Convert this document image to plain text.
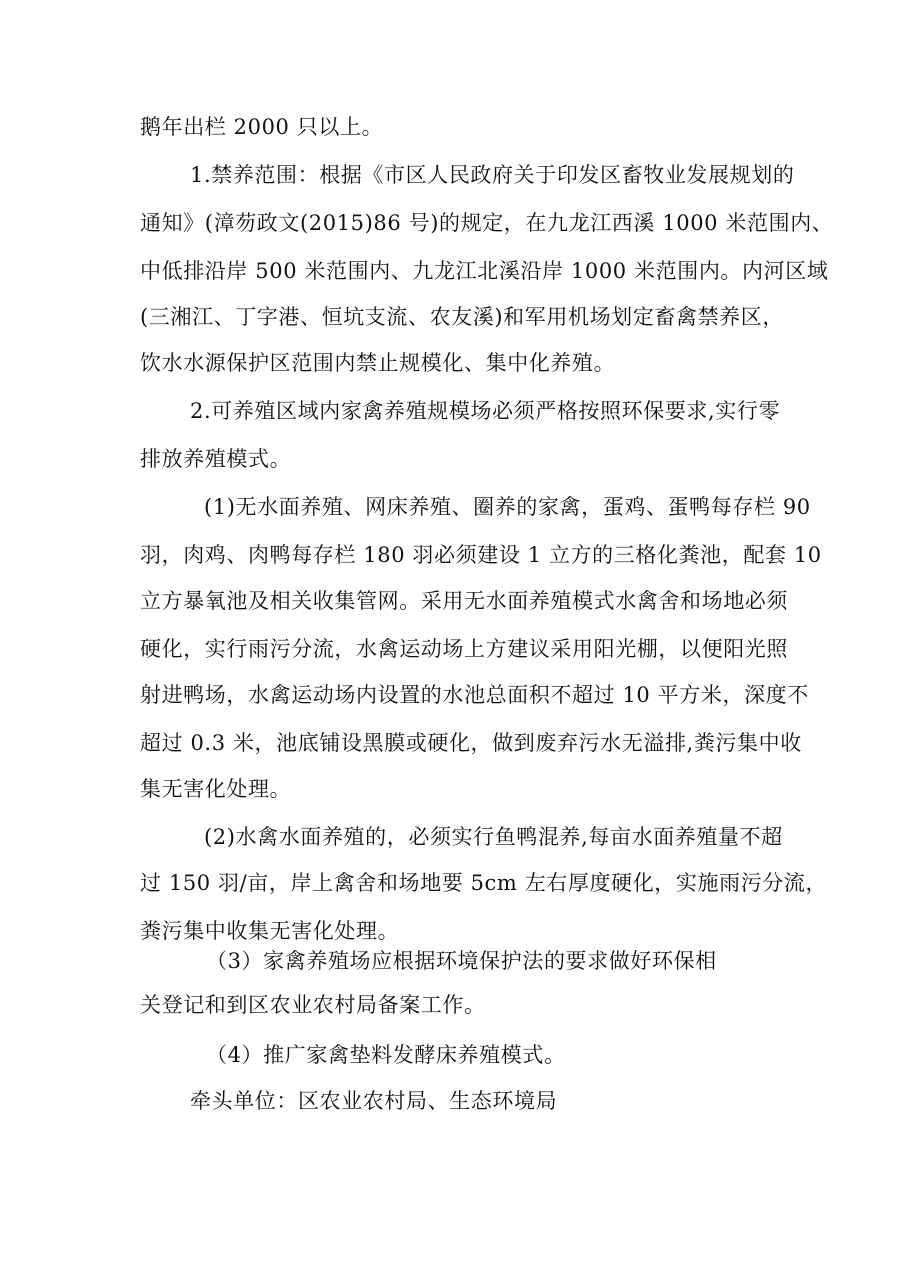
鹅年出栏 2000 只以上。
1.禁养范围：根据《市区人民政府关于印发区畜牧业发展规划的
通知》(漳芴政文(2015)86 号)的规定，在九龙江西溪 1000 米范围内、
中低排沿岸 500 米范围内、九龙江北溪沿岸 1000 米范围内。内河区域
(三湘江、丁字港、恒坑支流、农友溪)和军用机场划定畜禽禁养区，
饮水水源保护区范围内禁止规模化、集中化养殖。
2.可养殖区域内家禽养殖规模场必须严格按照环保要求,实行零
排放养殖模式。
(1)无水面养殖、网床养殖、圈养的家禽，蛋鸡、蛋鸭每存栏 90
羽，肉鸡、肉鸭每存栏 180 羽必须建设 1 立方的三格化粪池，配套 10
立方暴氧池及相关收集管网。采用无水面养殖模式水禽舍和场地必须
硬化，实行雨污分流，水禽运动场上方建议采用阳光棚，以便阳光照
射进鸭场，水禽运动场内设置的水池总面积不超过 10 平方米，深度不
超过 0.3 米，池底铺设黑膜或硬化，做到废弃污水无溢排,粪污集中收
集无害化处理。
(2)水禽水面养殖的，必须实行鱼鸭混养,每亩水面养殖量不超
过 150 羽/亩，岸上禽舍和场地要 5cm 左右厚度硬化，实施雨污分流，
粪污集中收集无害化处理。
（3）家禽养殖场应根据环境保护法的要求做好环保相
关登记和到区农业农村局备案工作。
（4）推广家禽垫料发酵床养殖模式。
牵头单位：区农业农村局、生态环境局
